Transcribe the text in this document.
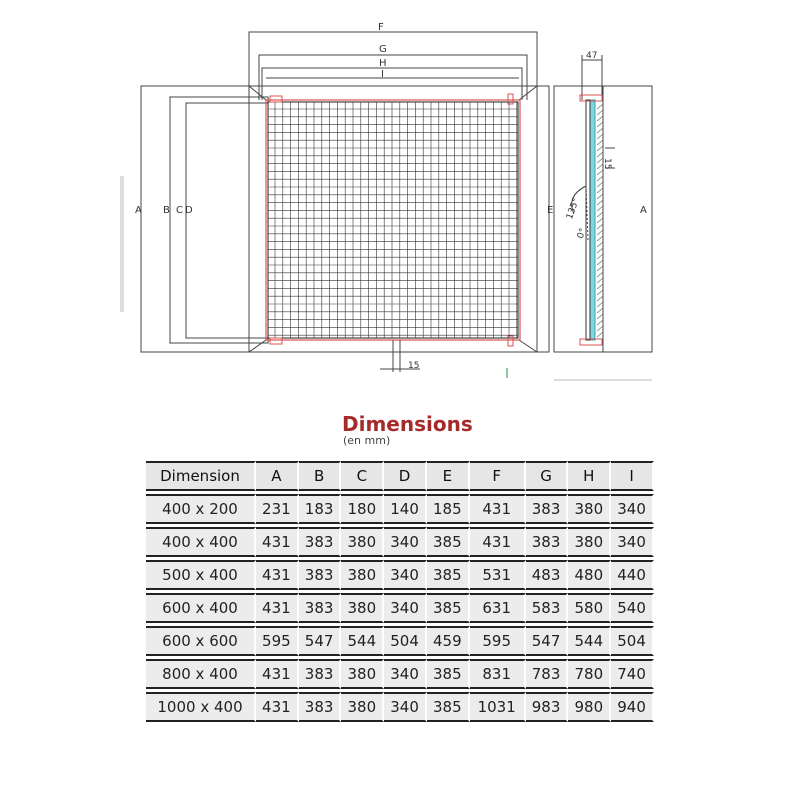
F
G
H
I
A B C D
15
47
15
135°
0°
E	A
Dimensions
(en mm)
Dimension	A	B	C	D	E	F	G	H	I

400 x 200	231	183	180	140	185	431	383	380	340

400 x 400	431	383	380	340	385	431	383	380	340

500 x 400	431	383	380	340	385	531	483	480	440

600 x 400	431	383	380	340	385	631	583	580	540

600 x 600	595	547	544	504	459	595	547	544	504

800 x 400	431	383	380	340	385	831	783	780	740

1000 x 400	431	383	380	340	385	1031	983	980	940
